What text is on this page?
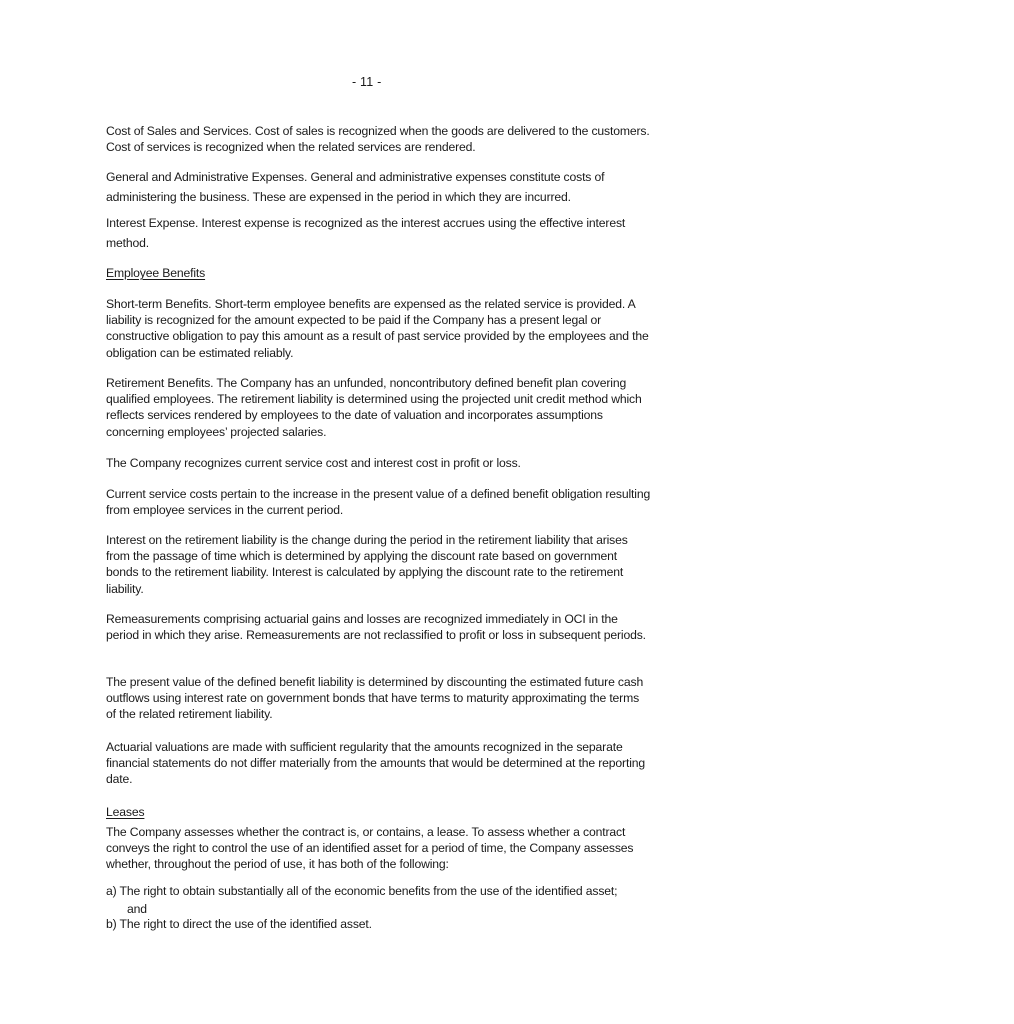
- 11 -
Cost of Sales and Services. Cost of sales is recognized when the goods are delivered to the customers. Cost of services is recognized when the related services are rendered.
General and Administrative Expenses. General and administrative expenses constitute costs of administering the business. These are expensed in the period in which they are incurred.
Interest Expense. Interest expense is recognized as the interest accrues using the effective interest method.
Employee Benefits
Short-term Benefits. Short-term employee benefits are expensed as the related service is provided. A liability is recognized for the amount expected to be paid if the Company has a present legal or constructive obligation to pay this amount as a result of past service provided by the employees and the obligation can be estimated reliably.
Retirement Benefits. The Company has an unfunded, noncontributory defined benefit plan covering qualified employees. The retirement liability is determined using the projected unit credit method which reflects services rendered by employees to the date of valuation and incorporates assumptions concerning employees’ projected salaries.
The Company recognizes current service cost and interest cost in profit or loss.
Current service costs pertain to the increase in the present value of a defined benefit obligation resulting from employee services in the current period.
Interest on the retirement liability is the change during the period in the retirement liability that arises from the passage of time which is determined by applying the discount rate based on government bonds to the retirement liability. Interest is calculated by applying the discount rate to the retirement liability.
Remeasurements comprising actuarial gains and losses are recognized immediately in OCI in the period in which they arise. Remeasurements are not reclassified to profit or loss in subsequent periods.
The present value of the defined benefit liability is determined by discounting the estimated future cash outflows using interest rate on government bonds that have terms to maturity approximating the terms of the related retirement liability.
Actuarial valuations are made with sufficient regularity that the amounts recognized in the separate financial statements do not differ materially from the amounts that would be determined at the reporting date.
Leases
The Company assesses whether the contract is, or contains, a lease. To assess whether a contract conveys the right to control the use of an identified asset for a period of time, the Company assesses whether, throughout the period of use, it has both of the following:
a) The right to obtain substantially all of the economic benefits from the use of the identified asset;
and
b) The right to direct the use of the identified asset.
